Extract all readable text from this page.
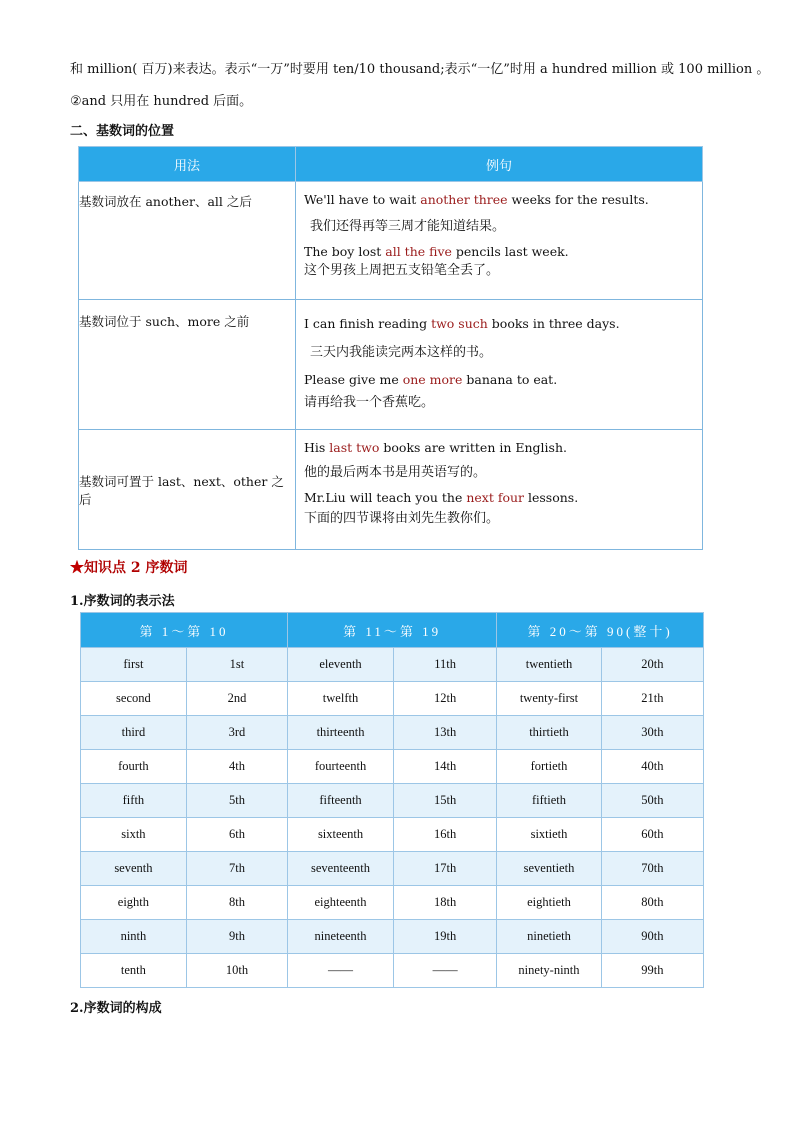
和 million( 百万)来表达。表示“一万”时要用 ten/10 thousand;表示“一亿”时用 a hundred million 或 100 million 。
②and 只用在 hundred 后面。
二、基数词的位置
用法	例句

基数词放在 another、all 之后	We'll have to wait another three weeks for the results.
我们还得再等三周才能知道结果。
The boy lost all the five pencils last week.
这个男孩上周把五支铅笔全丢了。

基数词位于 such、more 之前	I can finish reading two such books in three days.
三天内我能读完两本这样的书。
Please give me one more banana to eat.
请再给我一个香蕉吃。

基数词可置于 last、next、other 之后	His last two books are written in English.
他的最后两本书是用英语写的。
Mr.Liu will teach you the next four lessons.
下面的四节课将由刘先生教你们。
★知识点 2 序数词
1.序数词的表示法
第 1～第 10		第 11～第 19		第 20～第 90(整十)	
first	1st	eleventh	11th	twentieth	20th
second	2nd	twelfth	12th	twenty-first	21th
third	3rd	thirteenth	13th	thirtieth	30th
fourth	4th	fourteenth	14th	fortieth	40th
fifth	5th	fifteenth	15th	fiftieth	50th
sixth	6th	sixteenth	16th	sixtieth	60th
seventh	7th	seventeenth	17th	seventieth	70th
eighth	8th	eighteenth	18th	eightieth	80th
ninth	9th	nineteenth	19th	ninetieth	90th
tenth	10th	——	——	ninety-ninth	99th
2.序数词的构成
